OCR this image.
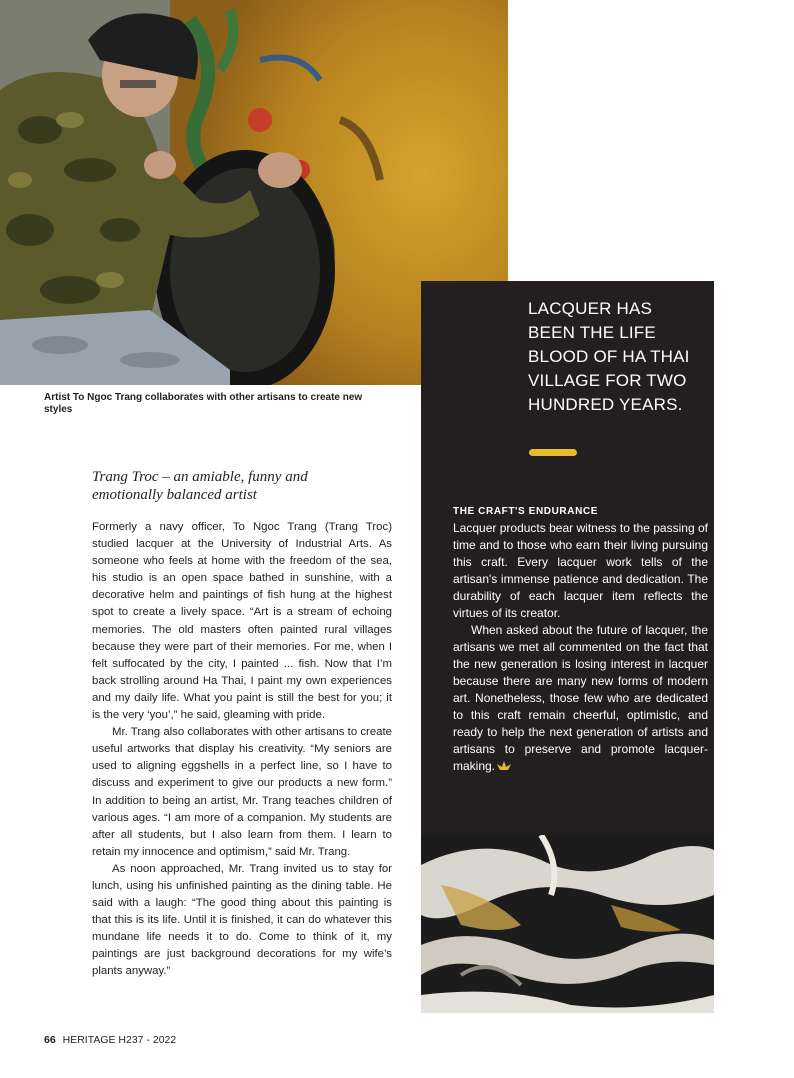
Artist To Ngoc Trang collaborates with other artisans to create new styles

LACQUER HAS BEEN THE LIFE BLOOD OF HA THAI VILLAGE FOR TWO HUNDRED YEARS.

THE CRAFT'S ENDURANCE

Lacquer products bear witness to the passing of time and to those who earn their living pursuing this craft. Every lacquer work tells of the artisan's immense patience and dedication. The durability of each lacquer item reflects the virtues of its creator.

When asked about the future of lacquer, the artisans we met all commented on the fact that the new generation is losing interest in lacquer because there are many new forms of modern art. Nonetheless, those few who are dedicated to this craft remain cheerful, optimistic, and ready to help the next generation of artists and artisans to preserve and promote lacquer-making.

Trang Troc – an amiable, funny and emotionally balanced artist

Formerly a navy officer, To Ngoc Trang (Trang Troc) studied lacquer at the University of Industrial Arts. As someone who feels at home with the freedom of the sea, his studio is an open space bathed in sunshine, with a decorative helm and paintings of fish hung at the highest spot to create a lively space. “Art is a stream of echoing memories. The old masters often painted rural villages because they were part of their memories. For me, when I felt suffocated by the city, I painted ... fish. Now that I’m back strolling around Ha Thai, I paint my own experiences and my daily life. What you paint is still the best for you; it is the very ‘you’,” he said, gleaming with pride.

Mr. Trang also collaborates with other artisans to create useful artworks that display his creativity. “My seniors are used to aligning eggshells in a perfect line, so I have to discuss and experiment to give our products a new form.” In addition to being an artist, Mr. Trang teaches children of various ages. “I am more of a companion. My students are after all students, but I also learn from them. I learn to retain my innocence and optimism,” said Mr. Trang.

As noon approached, Mr. Trang invited us to stay for lunch, using his unfinished painting as the dining table. He said with a laugh: “The good thing about this painting is that this is its life. Until it is finished, it can do whatever this mundane life needs it to do. Come to think of it, my paintings are just background decorations for my wife’s plants anyway.”

66 HERITAGE H237 - 2022
